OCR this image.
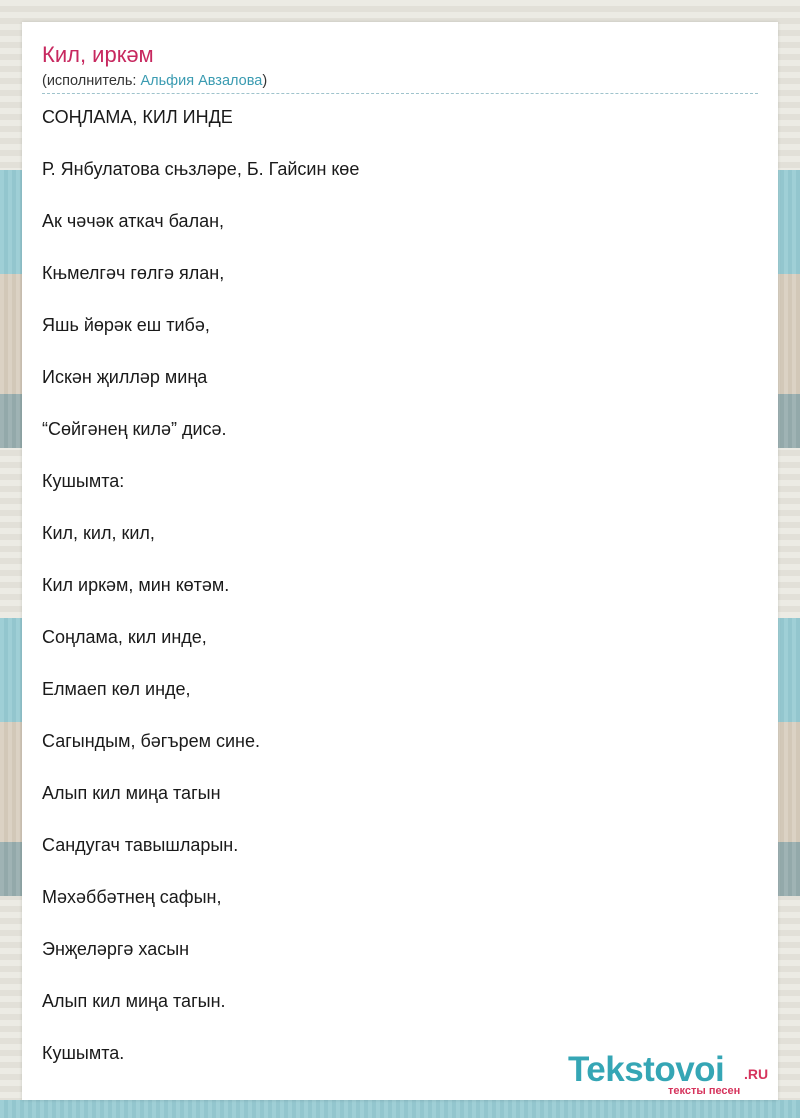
Кил, иркәм
(исполнитель: Альфия Авзалова)
СОҢЛАМА, КИЛ ИНДЕ
Р. Янбулатова сњзләре, Б. Гайсин көе
Ак чәчәк аткач балан,
Књмелгәч гөлгә ялан,
Яшь йөрәк еш тибә,
Искән җилләр миңа
“Сөйгәнең килә” дисә.
Кушымта:
Кил, кил, кил,
Кил иркәм, мин көтәм.
Соңлама, кил инде,
Елмаеп көл инде,
Сагындым, бәгърем сине.
Алып кил миңа тагын
Сандугач тавышларын.
Мәхәббәтнең сафын,
Энҗеләргә хасын
Алып кил миңа тагын.
Кушымта.	Tekstovoi .RU
тексты песен
